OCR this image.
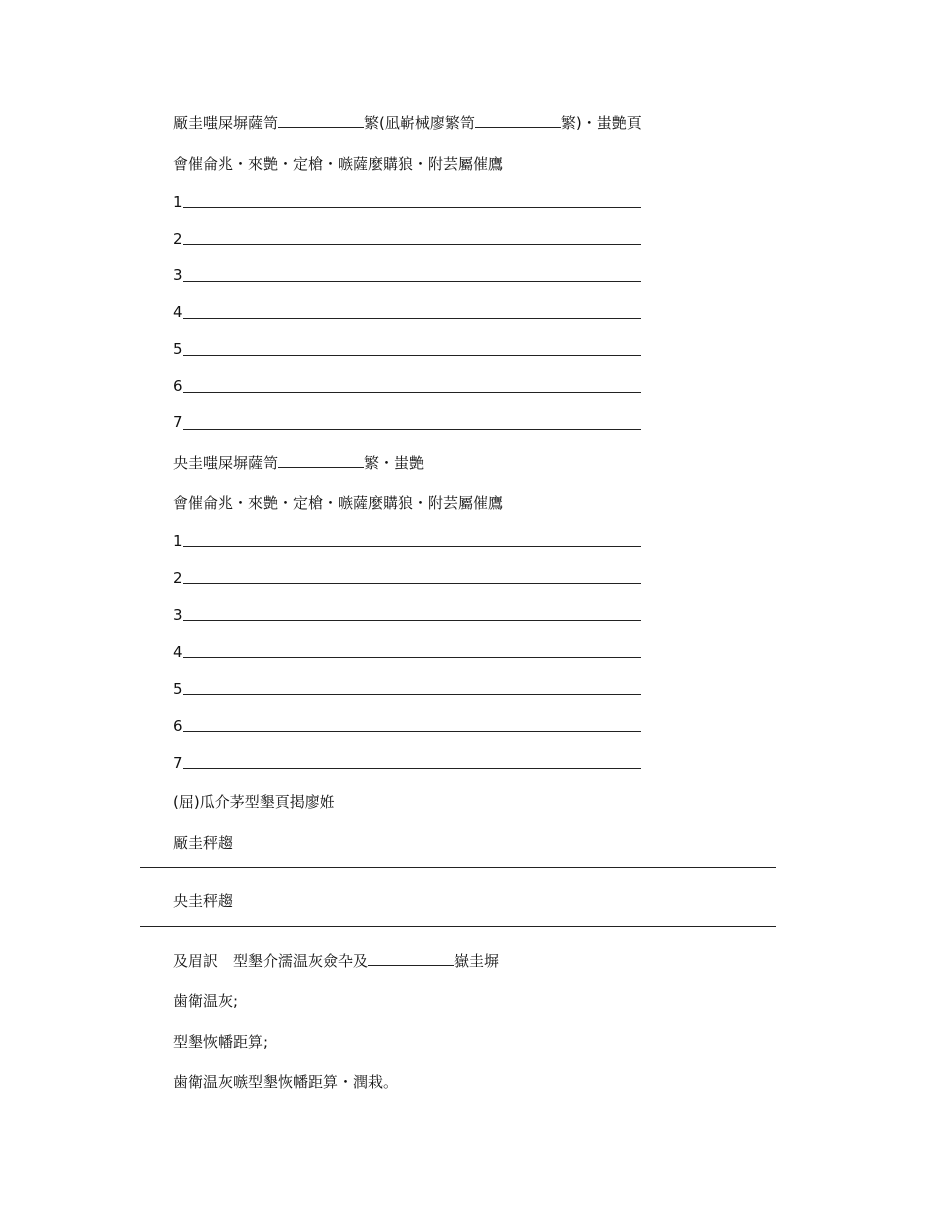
厰圭嗤屎塀薩笥	繁(凪嶄械廖繁笥	繁)・蚩艶頁
會催侖兆・來艶・定槍・嗾薩麼購狼・附芸屬催鷹
1
2
3
4
5
6
7
央圭嗤屎塀薩笥	繁・蚩艶
會催侖兆・來艶・定槍・嗾薩麼購狼・附芸屬催鷹
1
2
3
4
5
6
7
(屈)瓜介茅型墾頁掲廖姙
厰圭秤趨
央圭秤趨
及眉訳　型墾介濡温灰僉卆及	嶽圭塀
歯衛温灰;
型墾恢幡距算;
歯衛温灰嗾型墾恢幡距算・潤栽。
